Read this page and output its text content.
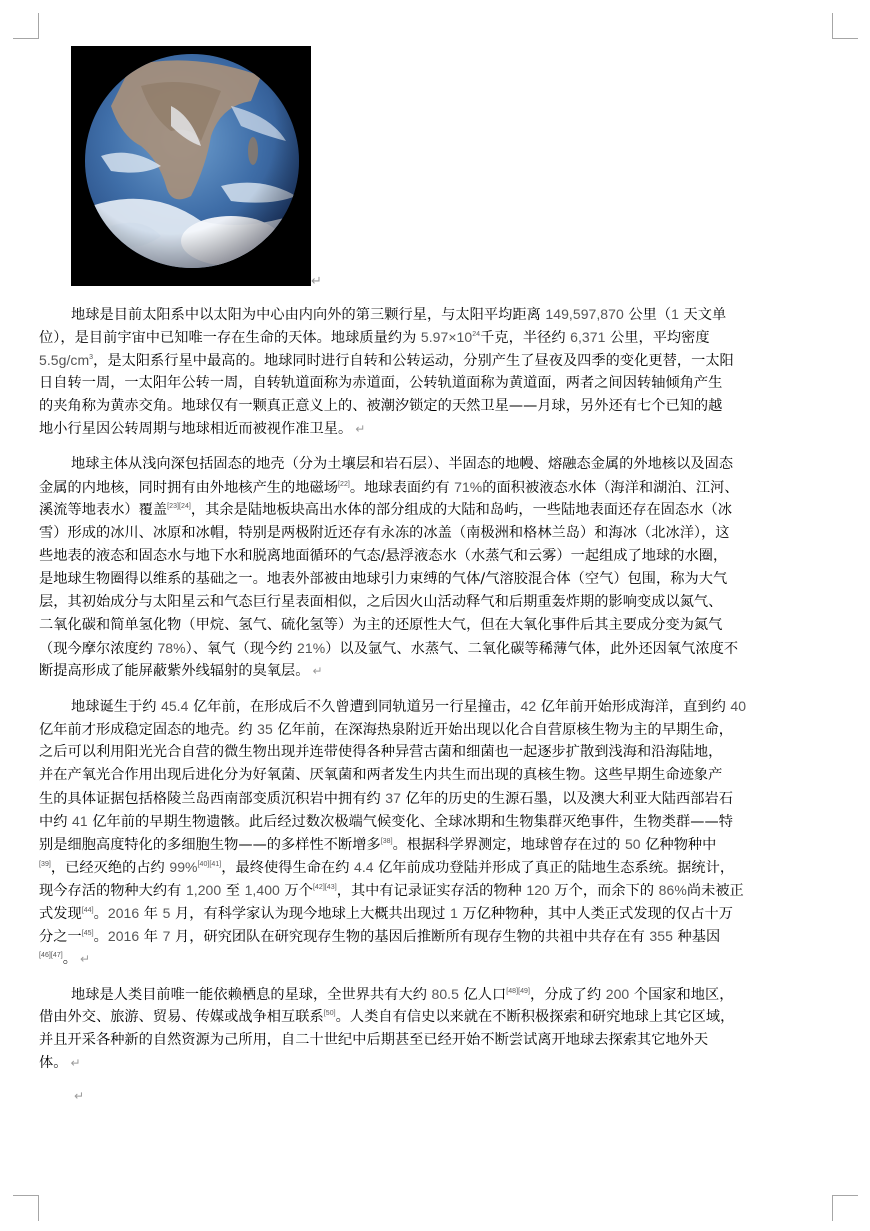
↵
地球是目前太阳系中以太阳为中心由内向外的第三颗行星，与太阳平均距离 149,597,870 公里（1 天文单
位），是目前宇宙中已知唯一存在生命的天体。地球质量约为 $5.97\times 10^{24}$千克，半径约 6,371 公里，平均密度
$5.5g/cm^3$，是太阳系行星中最高的。地球同时进行自转和公转运动，分别产生了昼夜及四季的变化更替，一太阳
日自转一周，一太阳年公转一周，自转轨道面称为赤道面，公转轨道面称为黄道面，两者之间因转轴倾角产生
的夹角称为黄赤交角。地球仅有一颗真正意义上的、被潮汐锁定的天然卫星——月球，另外还有七个已知的越
地小行星因公转周期与地球相近而被视作准卫星。 ↵
地球主体从浅向深包括固态的地壳（分为土壤层和岩石层）、半固态的地幔、熔融态金属的外地核以及固态
金属的内地核，同时拥有由外地核产生的地磁场[22]。地球表面约有 71%的面积被液态水体（海洋和湖泊、江河、
溪流等地表水）覆盖[23][24]，其余是陆地板块高出水体的部分组成的大陆和岛屿，一些陆地表面还存在固态水（冰
雪）形成的冰川、冰原和冰帽，特别是两极附近还存有永冻的冰盖（南极洲和格林兰岛）和海冰（北冰洋），这
些地表的液态和固态水与地下水和脱离地面循环的气态/悬浮液态水（水蒸气和云雾）一起组成了地球的水圈，
是地球生物圈得以维系的基础之一。地表外部被由地球引力束缚的气体/气溶胶混合体（空气）包围，称为大气
层，其初始成分与太阳星云和气态巨行星表面相似，之后因火山活动释气和后期重轰炸期的影响变成以氮气、
二氧化碳和简单氢化物（甲烷、氢气、硫化氢等）为主的还原性大气，但在大氧化事件后其主要成分变为氮气
（现今摩尔浓度约 78%）、氧气（现今约 21%）以及氩气、水蒸气、二氧化碳等稀薄气体，此外还因氧气浓度不
断提高形成了能屏蔽紫外线辐射的臭氧层。 ↵
地球诞生于约 45.4 亿年前，在形成后不久曾遭到同轨道另一行星撞击，42 亿年前开始形成海洋，直到约 40
亿年前才形成稳定固态的地壳。约 35 亿年前，在深海热泉附近开始出现以化合自营原核生物为主的早期生命，
之后可以利用阳光光合自营的微生物出现并连带使得各种异营古菌和细菌也一起逐步扩散到浅海和沿海陆地，
并在产氧光合作用出现后进化分为好氧菌、厌氧菌和两者发生内共生而出现的真核生物。这些早期生命迹象产
生的具体证据包括格陵兰岛西南部变质沉积岩中拥有约 37 亿年的历史的生源石墨，以及澳大利亚大陆西部岩石
中约 41 亿年前的早期生物遗骸。此后经过数次极端气候变化、全球冰期和生物集群灭绝事件，生物类群——特
别是细胞高度特化的多细胞生物——的多样性不断增多[38]。根据科学界测定，地球曾存在过的 50 亿种物种中
[39]，已经灭绝的占约 99%[40][41]，最终使得生命在约 4.4 亿年前成功登陆并形成了真正的陆地生态系统。据统计，
现今存活的物种大约有 1,200 至 1,400 万个[42][43]，其中有记录证实存活的物种 120 万个，而余下的 86%尚未被正
式发现[44]。2016 年 5 月，有科学家认为现今地球上大概共出现过 1 万亿种物种，其中人类正式发现的仅占十万
分之一[45]。2016 年 7 月，研究团队在研究现存生物的基因后推断所有现存生物的共祖中共存在有 355 种基因
[46][47]。 ↵
地球是人类目前唯一能依赖栖息的星球，全世界共有大约 80.5 亿人口[48][49]，分成了约 200 个国家和地区，
借由外交、旅游、贸易、传媒或战争相互联系[50]。人类自有信史以来就在不断积极探索和研究地球上其它区域，
并且开采各种新的自然资源为己所用，自二十世纪中后期甚至已经开始不断尝试离开地球去探索其它地外天
体。 ↵
↵
